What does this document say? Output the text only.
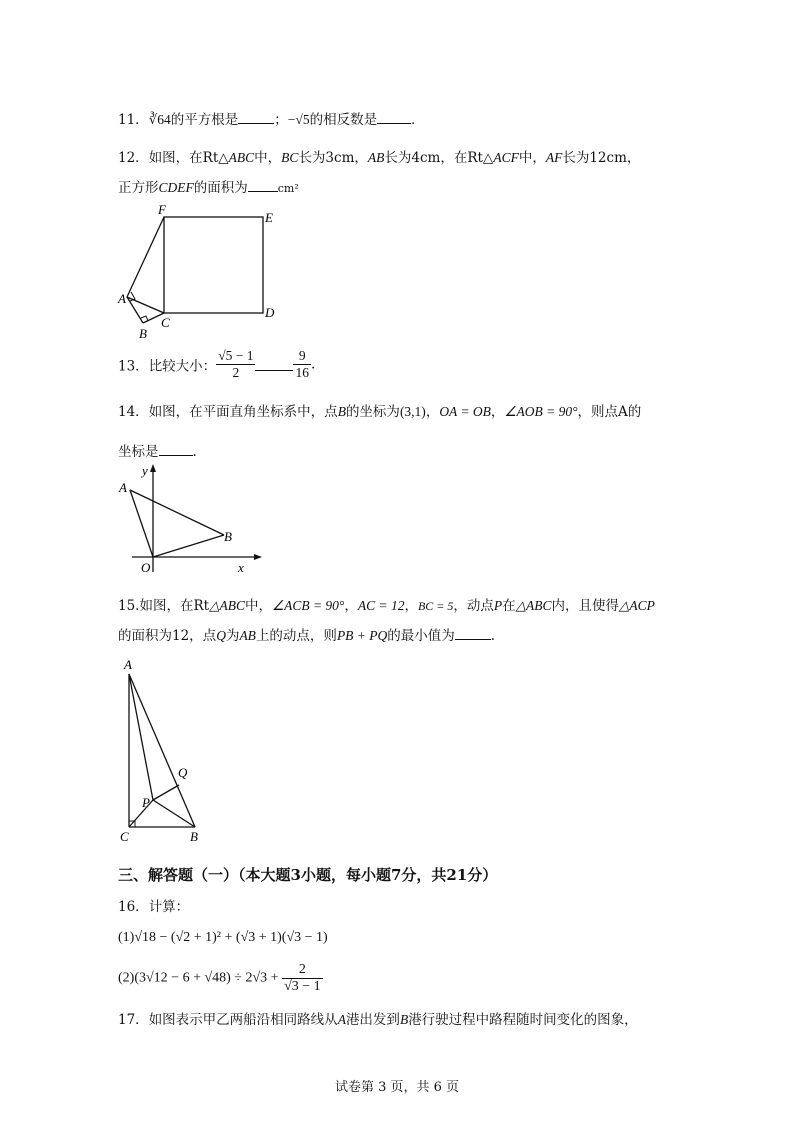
11．∛64的平方根是	；−√5的相反数是	．
12．如图，在Rt△ABC中，BC长为3cm，AB长为4cm，在Rt△ACF中，AF长为12cm，
正方形CDEF的面积为	cm²
F
E
A
B
C
D
13．比较大小： $\frac{√5 - 1}{2}$	$\frac{9}{16}$ .
14．如图，在平面直角坐标系中，点B的坐标为(3,1)，OA = OB，∠AOB = 90°，则点A的
坐标是	.
y
A
B
O	x
15.如图，在Rt△ABC中，∠ACB = 90°，AC = 12，BC = 5，动点P在△ABC内，且使得△ACP
的面积为12，点Q为AB上的动点，则PB + PQ的最小值为	.
A
Q
P
C	B
三、解答题（一）（本大题3小题，每小题7分，共21分）
16．计算：
(1)√18 − (√2 + 1)² + (√3 + 1)(√3 − 1)
$(2)(3√12 - 6 + √48) \div 2√3 + \frac{2}{√3 - 1}$
17．如图表示甲乙两船沿相同路线从A港出发到B港行驶过程中路程随时间变化的图象，
试卷第 3 页，共 6 页
